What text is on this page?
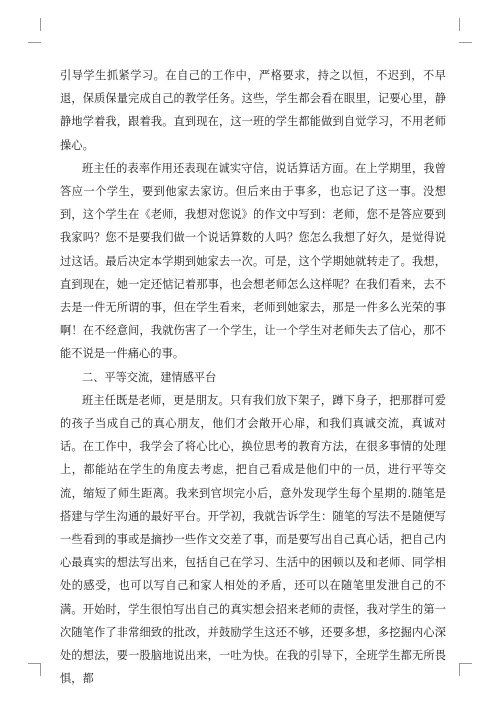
引导学生抓紧学习。在自己的工作中，严格要求，持之以恒，不迟到，不早退，保质保量完成自己的教学任务。这些，学生都会看在眼里，记要心里，静静地学着我，跟着我。直到现在，这一班的学生都能做到自觉学习，不用老师操心。

班主任的表率作用还表现在诚实守信，说话算话方面。在上学期里，我曾答应一个学生，要到他家去家访。但后来由于事多，也忘记了这一事。没想到，这个学生在《老师，我想对您说》的作文中写到：老师，您不是答应要到我家吗？您不是要我们做一个说话算数的人吗？您怎么我想了好久，是觉得说过这话。最后决定本学期到她家去一次。可是，这个学期她就转走了。我想，直到现在，她一定还惦记着那事，也会想老师怎么这样呢？在我们看来，去不去是一件无所谓的事，但在学生看来，老师到她家去，那是一件多么光荣的事啊！在不经意间，我就伤害了一个学生，让一个学生对老师失去了信心，那不能不说是一件痛心的事。

二、平等交流，建情感平台

班主任既是老师，更是朋友。只有我们放下架子，蹲下身子，把那群可爱的孩子当成自己的真心朋友，他们才会敞开心扉，和我们真诚交流，真诚对话。在工作中，我学会了将心比心，换位思考的教育方法，在很多事情的处理上，都能站在学生的角度去考虑，把自己看成是他们中的一员，进行平等交流，缩短了师生距离。我来到官坝完小后，意外发现学生每个星期的.随笔是搭建与学生沟通的最好平台。开学初，我就告诉学生：随笔的写法不是随便写一些看到的事或是摘抄一些作文交差了事，而是要写出自己真心话，把自己内心最真实的想法写出来，包括自己在学习、生活中的困顿以及和老师、同学相处的感受，也可以写自己和家人相处的矛盾，还可以在随笔里发泄自己的不满。开始时，学生很怕写出自己的真实想会招来老师的责怪，我对学生的第一次随笔作了非常细致的批改，并鼓励学生这还不够，还要多想，多挖掘内心深处的想法，要一股脑地说出来，一吐为快。在我的引导下，全班学生都无所畏惧，都
